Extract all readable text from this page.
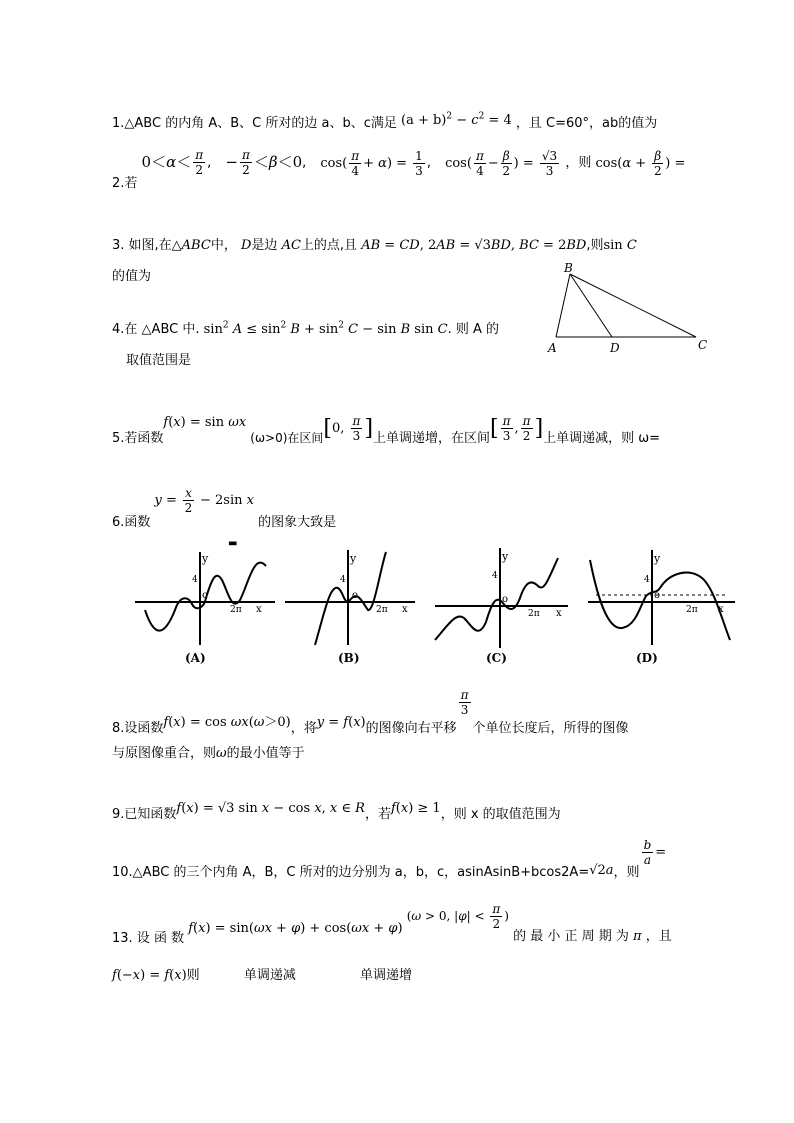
1.△ABC 的内角 A、B、C 所对的边 a、b、c满足 $(a + b)^2 - c^2 = 4$ ，且 C=60°，ab的值为
2.若 $0<\alpha< \frac{\pi}{2}$ , − $\frac{\pi}{2} <\beta<0$, $\cos( \frac{\pi}{4} + \alpha) = \frac{1}{3}$ , $\cos( \frac{\pi}{4} - \frac{\beta}{2}$ ) = $\frac{√3}{3}$ ，则 $\cos(\alpha + \frac{\beta}{2}$ ) =
3. 如图,在△ABC中， D是边 AC上的点,且 AB = CD, 2AB = √3BD, BC = 2BD,则sin C
的值为
B
A	D	C
4.在 △ABC 中. $\sin^2 A \le \sin^2 B + \sin^2 C - \sin B$ sin C. 则 A 的
取值范围是
5.若函数f(x) = sin ωx (ω>0)在区间[0, $\frac{\pi}{3}$ ]上单调递增，在区间[ $\frac{\pi}{3}$ , $\frac{\pi}{2}$ ]上单调递减，则 ω=
6.函数 $y = \frac{x}{2} - 2\sin$ x 的图象大致是
y
4
o
2π x
▬
(A)
y
4
o
2π x
(B)
y
4
o
2π x
(C)
y
4
o
2π x
(D)
8.设函数f(x) = cos ωx(ω＞0)，将y = f(x)的图像向右平移
$\frac{\pi}{3}$
个单位长度后，所得的图像
与原图像重合，则ω的最小值等于
9.已知函数f(x) = √3 sin x − cos x, x ∈ R，若f(x) ≥ 1，则 x 的取值范围为
10.△ABC 的三个内角 A，B，C 所对的边分别为 a，b，c，asinAsinB+bcos2A=√2a，则
$\frac{b}{a}$ =
13. 设 函 数 f(x) = sin(ωx + φ) + cos(ωx + φ) (ω > 0, $|\varphi| < \frac{\pi}{2}$ ) 的 最 小 正 周 期 为 π ，且
f(−x) = f(x)则	单调递减	单调递增
